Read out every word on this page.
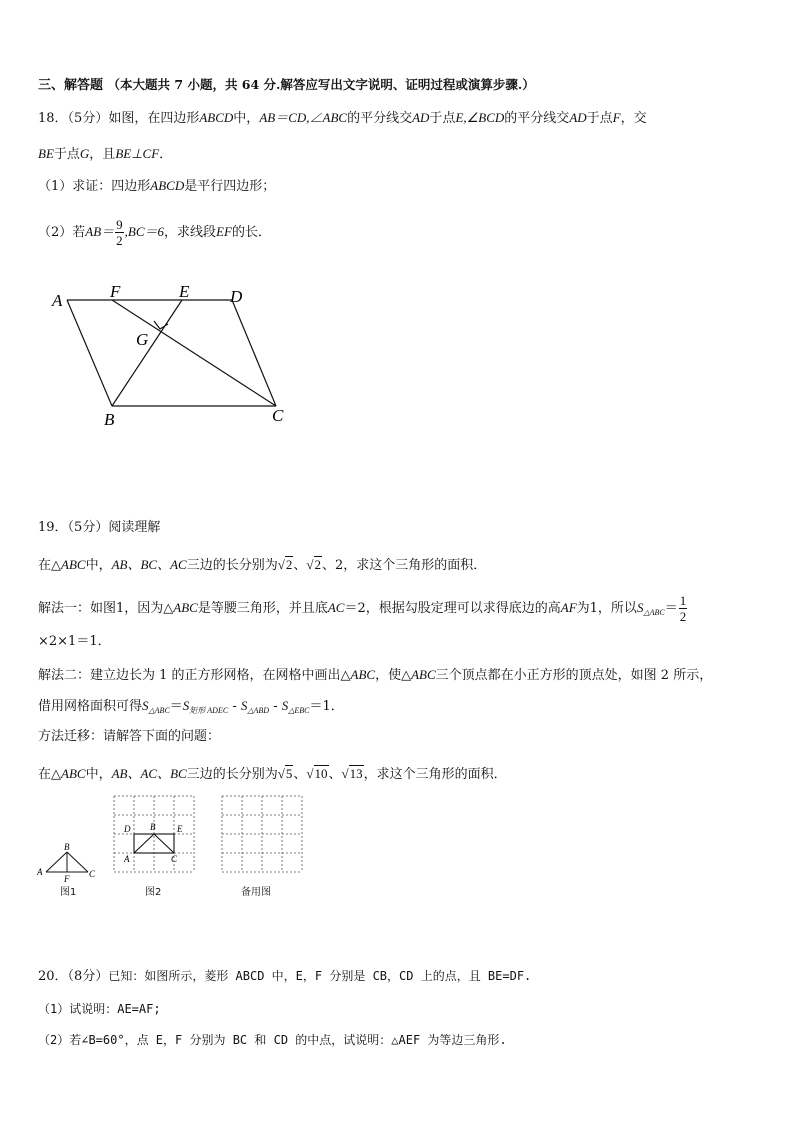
三、解答题 （本大题共 7 小题，共 64 分.解答应写出文字说明、证明过程或演算步骤.）
18．（5分）如图，在四边形ABCD中，AB＝CD,∠ABC的平分线交AD于点E,∠BCD的平分线交AD于点F，交
BE于点G，且BE⊥CF．
（1）求证：四边形ABCD是平行四边形；
（2）若$AB= \frac{9}{2} ,BC=6$，求线段EF的长．
A	F	E D
G
B	C
19．（5分）阅读理解
在△ABC中，AB、BC、AC三边的长分别为√2、√2、2，求这个三角形的面积．
解法一：如图1，因为△ABC是等腰三角形，并且底AC＝2，根据勾股定理可以求得底边的高AF为1，所以$S_{\triangle ABC}= \frac{1}{2}$
×2×1＝1．
解法二：建立边长为 1 的正方形网格，在网格中画出△ABC，使△ABC三个顶点都在小正方形的顶点处，如图 2 所示，
借用网格面积可得$S_{\triangle ABC}=S_{矩形 ADEC} - S_{\triangle ABD} - S_{\triangle EBC}=1$．
方法迁移：请解答下面的问题：
在△ABC中，AB、AC、BC三边的长分别为√5、√10、√13，求这个三角形的面积．
A
B
C
F
图1
D B E
A	C
图2	备用图
20．（8分）已知：如图所示，菱形 ABCD 中，E，F 分别是 CB，CD 上的点，且 BE=DF.
（1）试说明：AE=AF;
（2）若∠B=60°，点 E，F 分别为 BC 和 CD 的中点，试说明：△AEF 为等边三角形.
